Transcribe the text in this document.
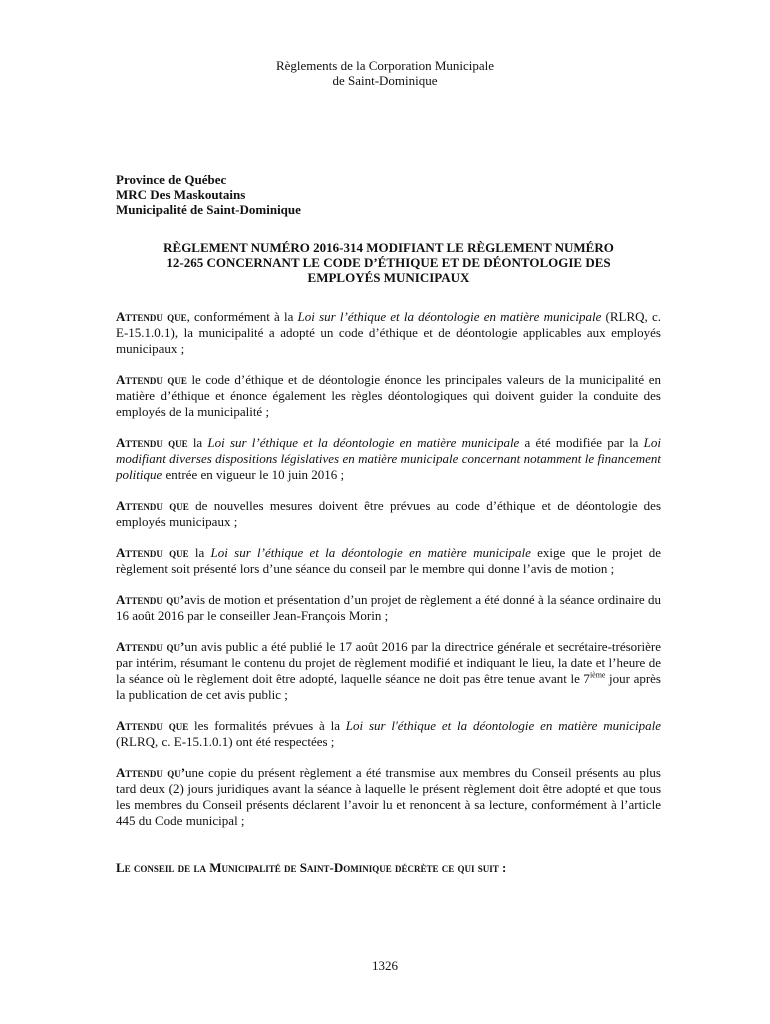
Règlements de la Corporation Municipale
de Saint-Dominique
Province de Québec
MRC Des Maskoutains
Municipalité de Saint-Dominique
RÈGLEMENT NUMÉRO 2016-314 MODIFIANT LE RÈGLEMENT NUMÉRO
12-265 CONCERNANT LE CODE D’ÉTHIQUE ET DE DÉONTOLOGIE DES
EMPLOYÉS MUNICIPAUX

Attendu que, conformément à la Loi sur l’éthique et la déontologie en matière municipale (RLRQ, c. E-15.1.0.1), la municipalité a adopté un code d’éthique et de déontologie applicables aux employés municipaux ;

Attendu que le code d’éthique et de déontologie énonce les principales valeurs de la municipalité en matière d’éthique et énonce également les règles déontologiques qui doivent guider la conduite des employés de la municipalité ;

Attendu que la Loi sur l’éthique et la déontologie en matière municipale a été modifiée par la Loi modifiant diverses dispositions législatives en matière municipale concernant notamment le financement politique entrée en vigueur le 10 juin 2016 ;

Attendu que de nouvelles mesures doivent être prévues au code d’éthique et de déontologie des employés municipaux ;

Attendu que la Loi sur l’éthique et la déontologie en matière municipale exige que le projet de règlement soit présenté lors d’une séance du conseil par le membre qui donne l’avis de motion ;

Attendu qu’avis de motion et présentation d’un projet de règlement a été donné à la séance ordinaire du 16 août 2016 par le conseiller Jean-François Morin ;

Attendu qu’un avis public a été publié le 17 août 2016 par la directrice générale et secrétaire-trésorière par intérim, résumant le contenu du projet de règlement modifié et indiquant le lieu, la date et l’heure de la séance où le règlement doit être adopté, laquelle séance ne doit pas être tenue avant le 7ième jour après la publication de cet avis public ;

Attendu que les formalités prévues à la Loi sur l'éthique et la déontologie en matière municipale (RLRQ, c. E-15.1.0.1) ont été respectées ;

Attendu qu’une copie du présent règlement a été transmise aux membres du Conseil présents au plus tard deux (2) jours juridiques avant la séance à laquelle le présent règlement doit être adopté et que tous les membres du Conseil présents déclarent l’avoir lu et renoncent à sa lecture, conformément à l’article 445 du Code municipal ;

Le conseil de la Municipalité de Saint-Dominique décrète ce qui suit :
1326
